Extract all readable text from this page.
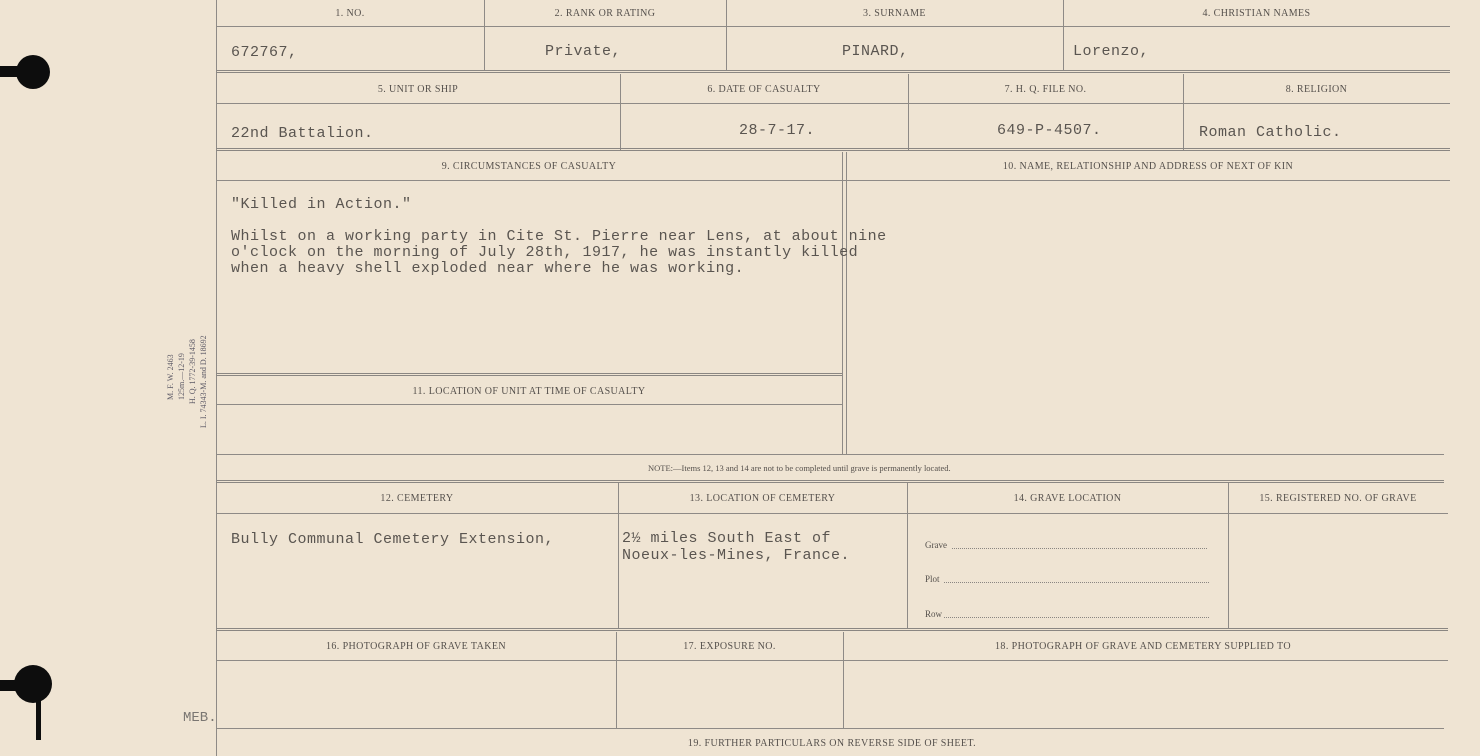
M. F. W. 2463 125m.—12-19 H. Q. 1772-39-1458 L. I. 74343-M. and D. 18692
MEB.
1. NO.	2. RANK OR RATING	3. SURNAME	4. CHRISTIAN NAMES
672767,	Private,	PINARD,	Lorenzo,
5. UNIT OR SHIP	6. DATE OF CASUALTY	7. H. Q. FILE NO.	8. RELIGION
22nd Battalion.	28-7-17.	649-P-4507.	Roman Catholic.
9. CIRCUMSTANCES OF CASUALTY	10. NAME, RELATIONSHIP AND ADDRESS OF NEXT OF KIN
"Killed in Action."
Whilst on a working party in Cite St. Pierre near Lens, at about nine
o'clock on the morning of July 28th, 1917, he was instantly killed
when a heavy shell exploded near where he was working.
11. LOCATION OF UNIT AT TIME OF CASUALTY
NOTE:—Items 12, 13 and 14 are not to be completed until grave is permanently located.
12. CEMETERY	13. LOCATION OF CEMETERY	14. GRAVE LOCATION	15. REGISTERED NO. OF GRAVE
Bully Communal Cemetery Extension,	2½ miles South East of
Noeux-les-Mines, France.
Grave
Plot
Row
16. PHOTOGRAPH OF GRAVE TAKEN	17. EXPOSURE NO.	18. PHOTOGRAPH OF GRAVE AND CEMETERY SUPPLIED TO
19. FURTHER PARTICULARS ON REVERSE SIDE OF SHEET.
